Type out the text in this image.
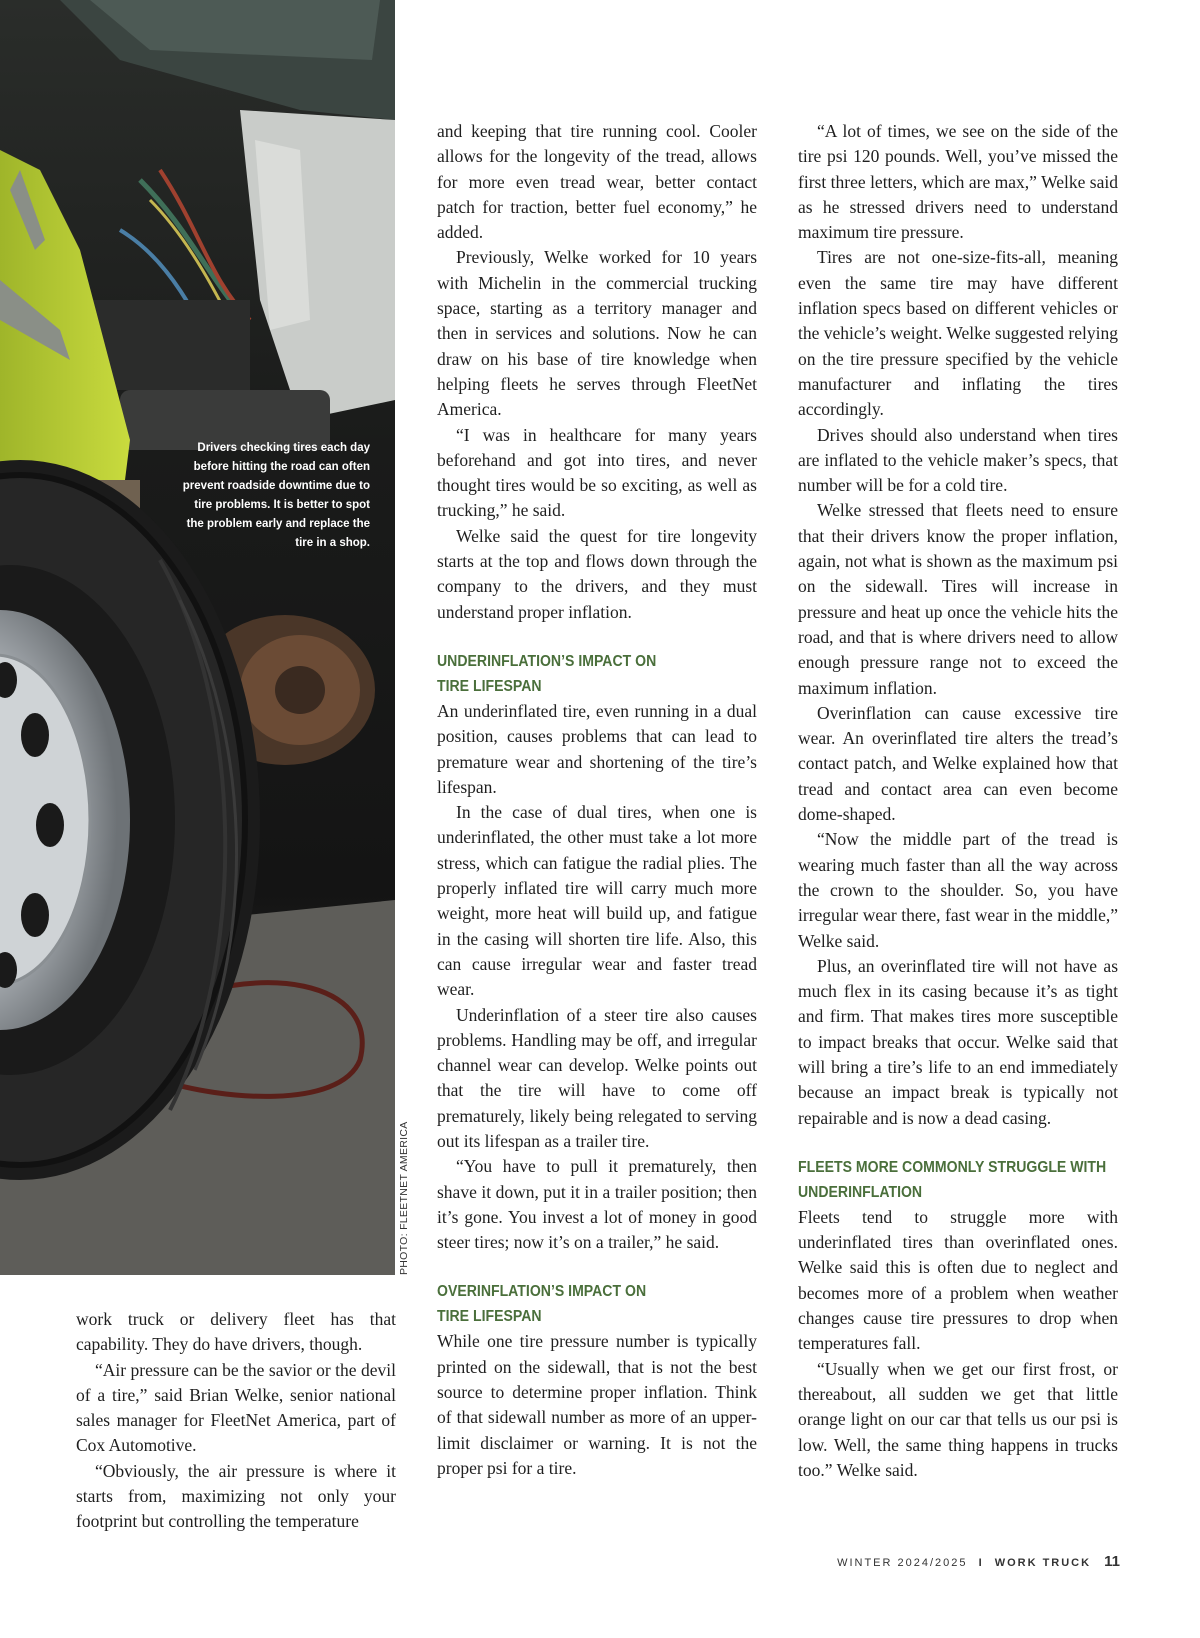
Drivers checking tires each day before hitting the road can often prevent roadside downtime due to tire problems. It is better to spot the problem early and replace the tire in a shop.
PHOTO: FLEETNET AMERICA

work truck or delivery fleet has that capability. They do have drivers, though.

“Air pressure can be the savior or the devil of a tire,” said Brian Welke, senior national sales manager for FleetNet America, part of Cox Automotive.

“Obviously, the air pressure is where it starts from, maximizing not only your footprint but controlling the temperature

and keeping that tire running cool. Cooler allows for the longevity of the tread, allows for more even tread wear, better contact patch for traction, better fuel economy,” he added.

Previously, Welke worked for 10 years with Michelin in the commercial trucking space, starting as a territory manager and then in services and solutions. Now he can draw on his base of tire knowledge when helping fleets he serves through FleetNet America.

“I was in healthcare for many years beforehand and got into tires, and never thought tires would be so exciting, as well as trucking,” he said.

Welke said the quest for tire longevity starts at the top and flows down through the company to the drivers, and they must understand proper inflation.

UNDERINFLATION’S IMPACT ON
TIRE LIFESPAN

An underinflated tire, even running in a dual position, causes problems that can lead to premature wear and shortening of the tire’s lifespan.

In the case of dual tires, when one is underinflated, the other must take a lot more stress, which can fatigue the radial plies. The properly inflated tire will carry much more weight, more heat will build up, and fatigue in the casing will shorten tire life. Also, this can cause irregular wear and faster tread wear.

Underinflation of a steer tire also causes problems. Handling may be off, and irregular channel wear can develop. Welke points out that the tire will have to come off prematurely, likely being relegated to serving out its lifespan as a trailer tire.

“You have to pull it prematurely, then shave it down, put it in a trailer position; then it’s gone. You invest a lot of money in good steer tires; now it’s on a trailer,” he said.

OVERINFLATION’S IMPACT ON
TIRE LIFESPAN

While one tire pressure number is typically printed on the sidewall, that is not the best source to determine proper inflation. Think of that sidewall number as more of an upper-limit disclaimer or warning. It is not the proper psi for a tire.

“A lot of times, we see on the side of the tire psi 120 pounds. Well, you’ve missed the first three letters, which are max,” Welke said as he stressed drivers need to understand maximum tire pressure.

Tires are not one-size-fits-all, meaning even the same tire may have different inflation specs based on different vehicles or the vehicle’s weight. Welke suggested relying on the tire pressure specified by the vehicle manufacturer and inflating the tires accordingly.

Drives should also understand when tires are inflated to the vehicle maker’s specs, that number will be for a cold tire.

Welke stressed that fleets need to ensure that their drivers know the proper inflation, again, not what is shown as the maximum psi on the sidewall. Tires will increase in pressure and heat up once the vehicle hits the road, and that is where drivers need to allow enough pressure range not to exceed the maximum inflation.

Overinflation can cause excessive tire wear. An overinflated tire alters the tread’s contact patch, and Welke explained how that tread and contact area can even become dome-shaped.

“Now the middle part of the tread is wearing much faster than all the way across the crown to the shoulder. So, you have irregular wear there, fast wear in the middle,” Welke said.

Plus, an overinflated tire will not have as much flex in its casing because it’s as tight and firm. That makes tires more susceptible to impact breaks that occur. Welke said that will bring a tire’s life to an end immediately because an impact break is typically not repairable and is now a dead casing.

FLEETS MORE COMMONLY STRUGGLE WITH
UNDERINFLATION

Fleets tend to struggle more with underinflated tires than overinflated ones. Welke said this is often due to neglect and becomes more of a problem when weather changes cause tire pressures to drop when temperatures fall.

“Usually when we get our first frost, or thereabout, all sudden we get that little orange light on our car that tells us our psi is low. Well, the same thing happens in trucks too.” Welke said.

WINTER 2024/2025 I WORK TRUCK 11
